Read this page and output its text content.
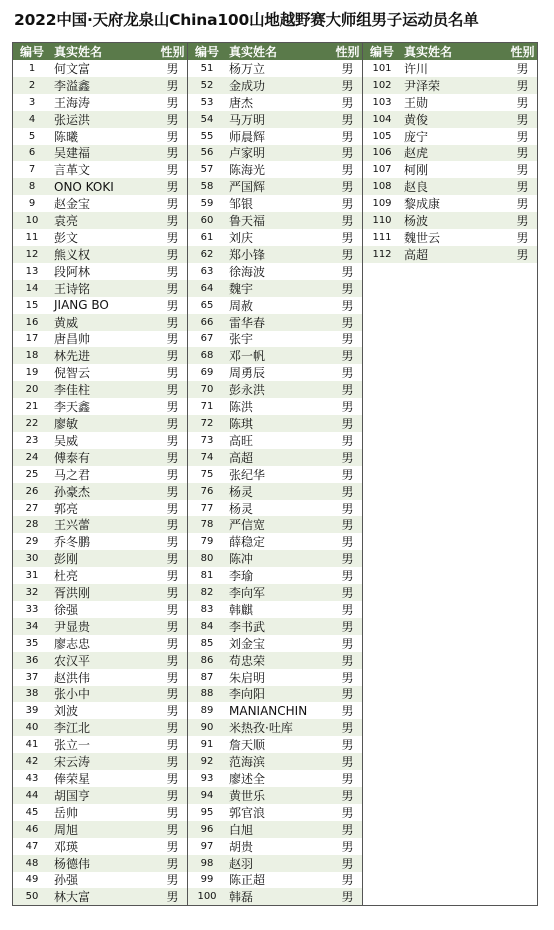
2022中国·天府龙泉山China100山地越野赛大师组男子运动员名单
编号 真实姓名	性别
1	何文富	男
2	李溢鑫	男
3	王海涛	男
4	张运洪	男
5	陈曦	男
6	吴建福	男
7	言革文	男
8	ONO KOKI	男
9	赵金宝	男
10	袁亮	男
11	彭文	男
12	熊义权	男
13	段阿林	男
14	王诗铭	男
15	JIANG BO	男
16	黄威	男
17	唐昌帅	男
18	林先进	男
19	倪智云	男
20	李佳柱	男
21	李天鑫	男
22	廖敏	男
23	吴威	男
24	傅泰有	男
25	马之君	男
26	孙豪杰	男
27	郭亮	男
28	王兴蕾	男
29	乔冬鹏	男
30	彭刚	男
31	杜亮	男
32	胥洪刚	男
33	徐强	男
34	尹显贵	男
35	廖志忠	男
36	农汉平	男
37	赵洪伟	男
38	张小中	男
39	刘波	男
40	李江北	男
41	张立一	男
42	宋云涛	男
43	俸荣星	男
44	胡国亨	男
45	岳帅	男
46	周旭	男
47	邓瑛	男
48	杨德伟	男
49	孙强	男
50	林大富	男
编号 真实姓名	性别
51	杨万立	男
52	金成功	男
53	唐杰	男
54	马万明	男
55	师晨辉	男
56	卢家明	男
57	陈海光	男
58	严国辉	男
59	邹银	男
60	鲁天福	男
61	刘庆	男
62	郑小锋	男
63	徐海波	男
64	魏宇	男
65	周赦	男
66	雷华春	男
67	张宇	男
68	邓一帆	男
69	周勇辰	男
70	彭永洪	男
71	陈洪	男
72	陈琪	男
73	高旺	男
74	高超	男
75	张纪华	男
76	杨灵	男
77	杨灵	男
78	严信宽	男
79	薛稳定	男
80	陈冲	男
81	李瑜	男
82	李向军	男
83	韩麒	男
84	李书武	男
85	刘金宝	男
86	苟忠荣	男
87	朱启明	男
88	李向阳	男
89	MANIANCHIN	男
90	米热孜·吐库	男
91	詹天顺	男
92	范海滨	男
93	廖述全	男
94	黄世乐	男
95	郭官浪	男
96	白旭	男
97	胡贵	男
98	赵羽	男
99	陈正超	男
100	韩磊	男
编号 真实姓名	性别
101	许川	男
102	尹泽荣	男
103	王勋	男
104	黄俊	男
105	庞宁	男
106	赵虎	男
107	柯刚	男
108	赵良	男
109	黎成康	男
110	杨波	男
111	魏世云	男
112	高超	男
